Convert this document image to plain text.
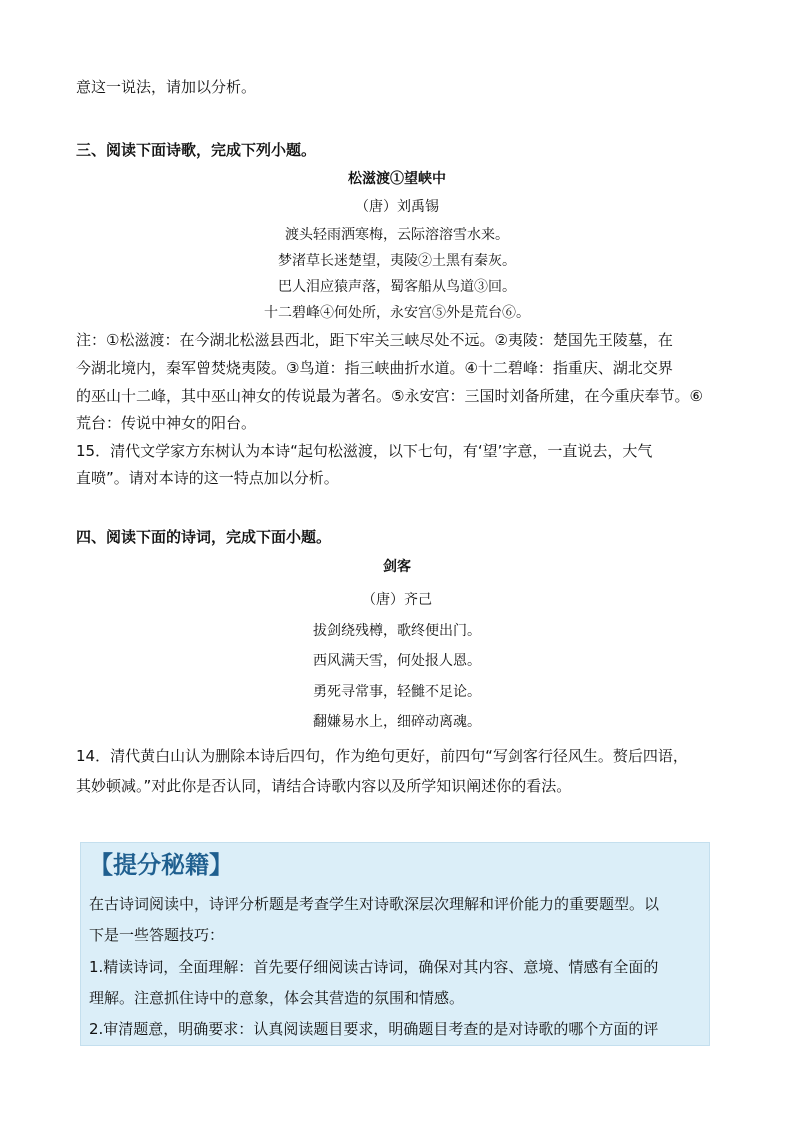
意这一说法，请加以分析。
三、阅读下面诗歌，完成下列小题。
松滋渡①望峡中
（唐）刘禹锡
渡头轻雨洒寒梅，云际溶溶雪水来。
梦渚草长迷楚望，夷陵②土黑有秦灰。
巴人泪应猿声落，蜀客船从鸟道③回。
十二碧峰④何处所，永安宫⑤外是荒台⑥。
注：①松滋渡：在今湖北松滋县西北，距下牢关三峡尽处不远。②夷陵：楚国先王陵墓，在
今湖北境内，秦军曾焚烧夷陵。③鸟道：指三峡曲折水道。④十二碧峰：指重庆、湖北交界
的巫山十二峰，其中巫山神女的传说最为著名。⑤永安宫：三国时刘备所建，在今重庆奉节。⑥
荒台：传说中神女的阳台。
15．清代文学家方东树认为本诗“起句松滋渡，以下七句，有‘望’字意，一直说去，大气
直喷”。请对本诗的这一特点加以分析。
四、阅读下面的诗词，完成下面小题。
剑客
（唐）齐己
拔剑绕残樽，歌终便出门。
西风满天雪，何处报人恩。
勇死寻常事，轻雠不足论。
翻嫌易水上，细碎动离魂。
14．清代黄白山认为删除本诗后四句，作为绝句更好，前四句“写剑客行径风生。赘后四语，
其妙顿减。”对此你是否认同，请结合诗歌内容以及所学知识阐述你的看法。
【提分秘籍】
在古诗词阅读中，诗评分析题是考查学生对诗歌深层次理解和评价能力的重要题型。以
下是一些答题技巧：
1.精读诗词，全面理解：首先要仔细阅读古诗词，确保对其内容、意境、情感有全面的
理解。注意抓住诗中的意象，体会其营造的氛围和情感。
2.审清题意，明确要求：认真阅读题目要求，明确题目考查的是对诗歌的哪个方面的评
